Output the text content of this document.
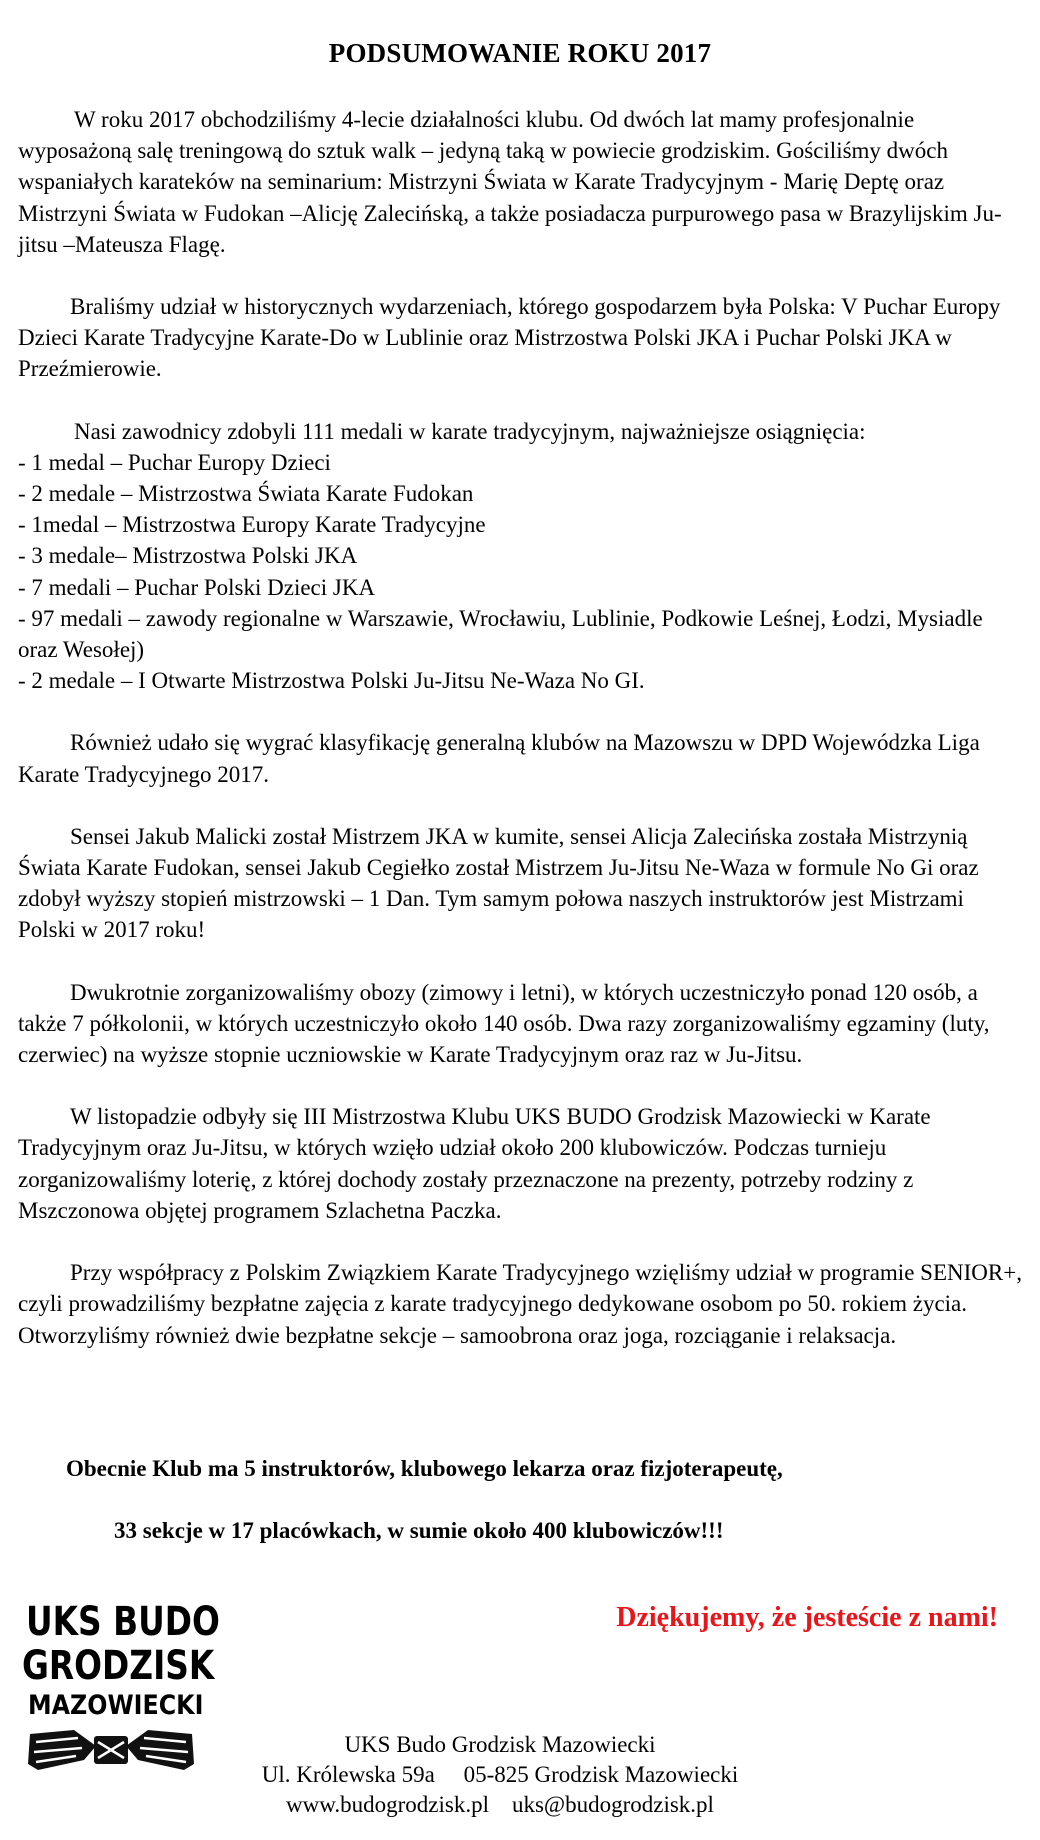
PODSUMOWANIE ROKU 2017

W roku 2017 obchodziliśmy 4-lecie działalności klubu. Od dwóch lat mamy profesjonalnie wyposażoną salę treningową do sztuk walk – jedyną taką w powiecie grodziskim. Gościliśmy dwóch wspaniałych karateków na seminarium: Mistrzyni Świata w Karate Tradycyjnym - Marię Deptę oraz Mistrzyni Świata w Fudokan –Alicję Zalecińską, a także posiadacza purpurowego pasa w Brazylijskim Ju-jitsu –Mateusza Flagę.

Braliśmy udział w historycznych wydarzeniach, którego gospodarzem była Polska: V Puchar Europy Dzieci Karate Tradycyjne Karate-Do w Lublinie oraz Mistrzostwa Polski JKA i Puchar Polski JKA w Przeźmierowie.

Nasi zawodnicy zdobyli 111 medali w karate tradycyjnym, najważniejsze osiągnięcia:

- 1 medal – Puchar Europy Dzieci
- 2 medale – Mistrzostwa Świata Karate Fudokan
- 1medal – Mistrzostwa Europy Karate Tradycyjne
- 3 medale– Mistrzostwa Polski JKA
- 7 medali – Puchar Polski Dzieci JKA
- 97 medali – zawody regionalne w Warszawie, Wrocławiu, Lublinie, Podkowie Leśnej, Łodzi, Mysiadle oraz Wesołej)
- 2 medale – I Otwarte Mistrzostwa Polski Ju-Jitsu Ne-Waza No GI.

Również udało się wygrać klasyfikację generalną klubów na Mazowszu w DPD Wojewódzka Liga Karate Tradycyjnego 2017.

Sensei Jakub Malicki został Mistrzem JKA w kumite, sensei Alicja Zalecińska została Mistrzynią Świata Karate Fudokan, sensei Jakub Cegiełko został Mistrzem Ju-Jitsu Ne-Waza w formule No Gi oraz zdobył wyższy stopień mistrzowski – 1 Dan. Tym samym połowa naszych instruktorów jest Mistrzami Polski w 2017 roku!

Dwukrotnie zorganizowaliśmy obozy (zimowy i letni), w których uczestniczyło ponad 120 osób, a także 7 półkolonii, w których uczestniczyło około 140 osób. Dwa razy zorganizowaliśmy egzaminy (luty, czerwiec) na wyższe stopnie uczniowskie w Karate Tradycyjnym oraz raz w Ju-Jitsu.

W listopadzie odbyły się III Mistrzostwa Klubu UKS BUDO Grodzisk Mazowiecki w Karate Tradycyjnym oraz Ju-Jitsu, w których wzięło udział około 200 klubowiczów. Podczas turnieju zorganizowaliśmy loterię, z której dochody zostały przeznaczone na prezenty, potrzeby rodziny z Mszczonowa objętej programem Szlachetna Paczka.

Przy współpracy z Polskim Związkiem Karate Tradycyjnego wzięliśmy udział w programie SENIOR+, czyli prowadziliśmy bezpłatne zajęcia z karate tradycyjnego dedykowane osobom po 50. rokiem życia. Otworzyliśmy również dwie bezpłatne sekcje – samoobrona oraz joga, rozciąganie i relaksacja.

Obecnie Klub ma 5 instruktorów, klubowego lekarza oraz fizjoterapeutę,
33 sekcje w 17 placówkach, w sumie około 400 klubowiczów!!!
UKS BUDO
GRODZISK
MAZOWIECKI
Dziękujemy, że jesteście z nami!
UKS Budo Grodzisk Mazowiecki
Ul. Królewska 59a     05-825 Grodzisk Mazowiecki
www.budogrodzisk.pl    uks@budogrodzisk.pl
